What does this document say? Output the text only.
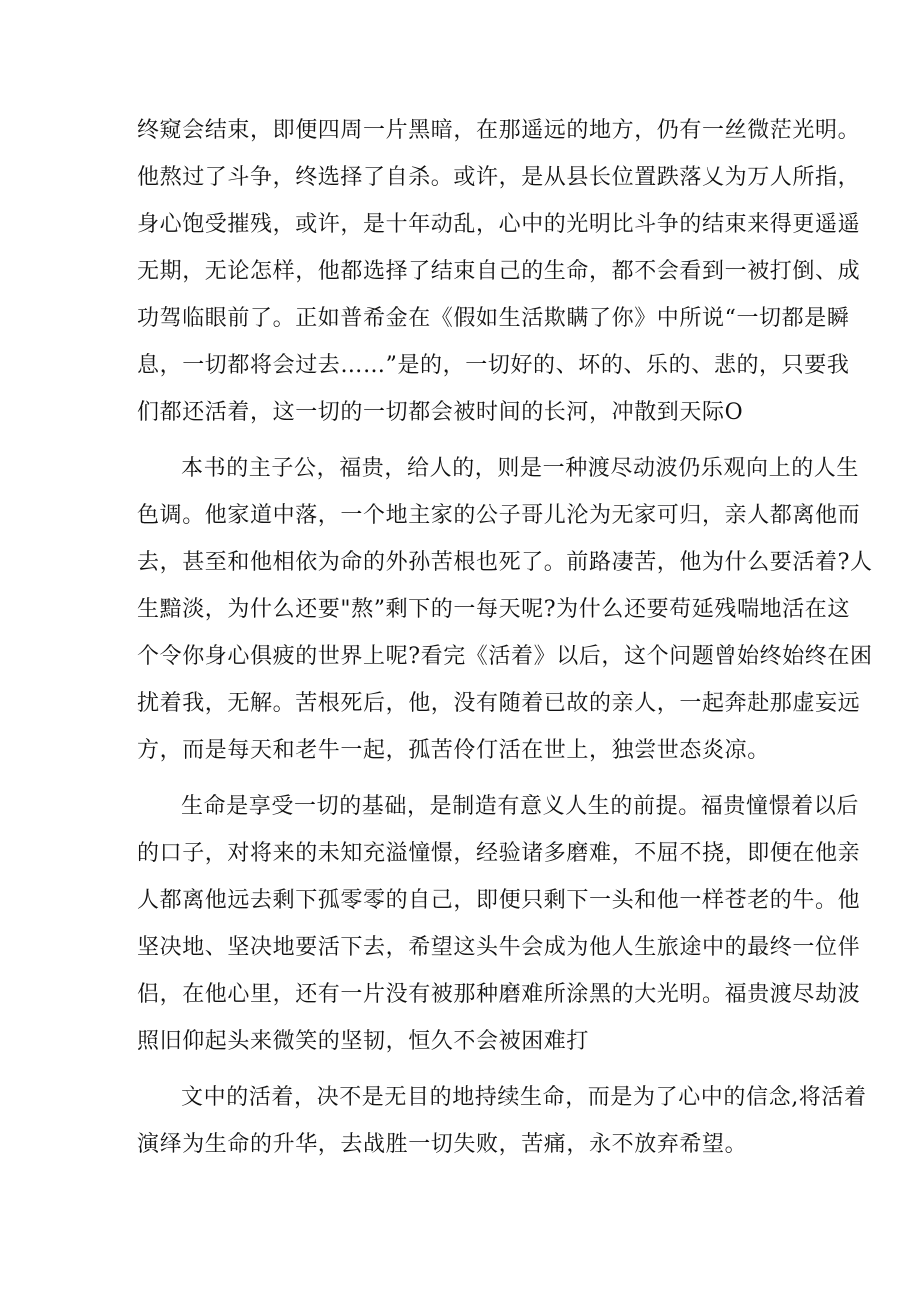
终窥会结束，即便四周一片黑暗，在那遥远的地方，仍有一丝微茫光明。
他熬过了斗争，终选择了自杀。或许，是从县长位置跌落乂为万人所指，
身心饱受摧残，或许，是十年动乱，心中的光明比斗争的结束来得更遥遥
无期，无论怎样，他都选择了结束自己的生命，都不会看到一被打倒、成
功驾临眼前了。正如普希金在《假如生活欺瞒了你》中所说“一切都是瞬
息，一切都将会过去……”是的，一切好的、坏的、乐的、悲的，只要我
们都还活着，这一切的一切都会被时间的长河，冲散到天际O
本书的主子公，福贵，给人的，则是一种渡尽动波仍乐观向上的人生
色调。他家道中落，一个地主家的公子哥儿沦为无家可归，亲人都离他而
去，甚至和他相依为命的外孙苦根也死了。前路凄苦，他为什么要活着?人
生黯淡，为什么还要"熬”剩下的一每天呢?为什么还要苟延残喘地活在这
个令你身心俱疲的世界上呢?看完《活着》以后，这个问题曾始终始终在困
扰着我，无解。苦根死后，他，没有随着已故的亲人，一起奔赴那虚妄远
方，而是每天和老牛一起，孤苦伶仃活在世上，独尝世态炎凉。
生命是享受一切的基础，是制造有意义人生的前提。福贵憧憬着以后
的口子，对将来的未知充溢憧憬，经验诸多磨难，不屈不挠，即便在他亲
人都离他远去剩下孤零零的自己，即便只剩下一头和他一样苍老的牛。他
坚决地、坚决地要活下去，希望这头牛会成为他人生旅途中的最终一位伴
侣，在他心里，还有一片没有被那种磨难所涂黑的大光明。福贵渡尽劫波
照旧仰起头来微笑的坚韧，恒久不会被困难打
文中的活着，决不是无目的地持续生命，而是为了心中的信念,将活着
演绎为生命的升华，去战胜一切失败，苦痛，永不放弃希望。
